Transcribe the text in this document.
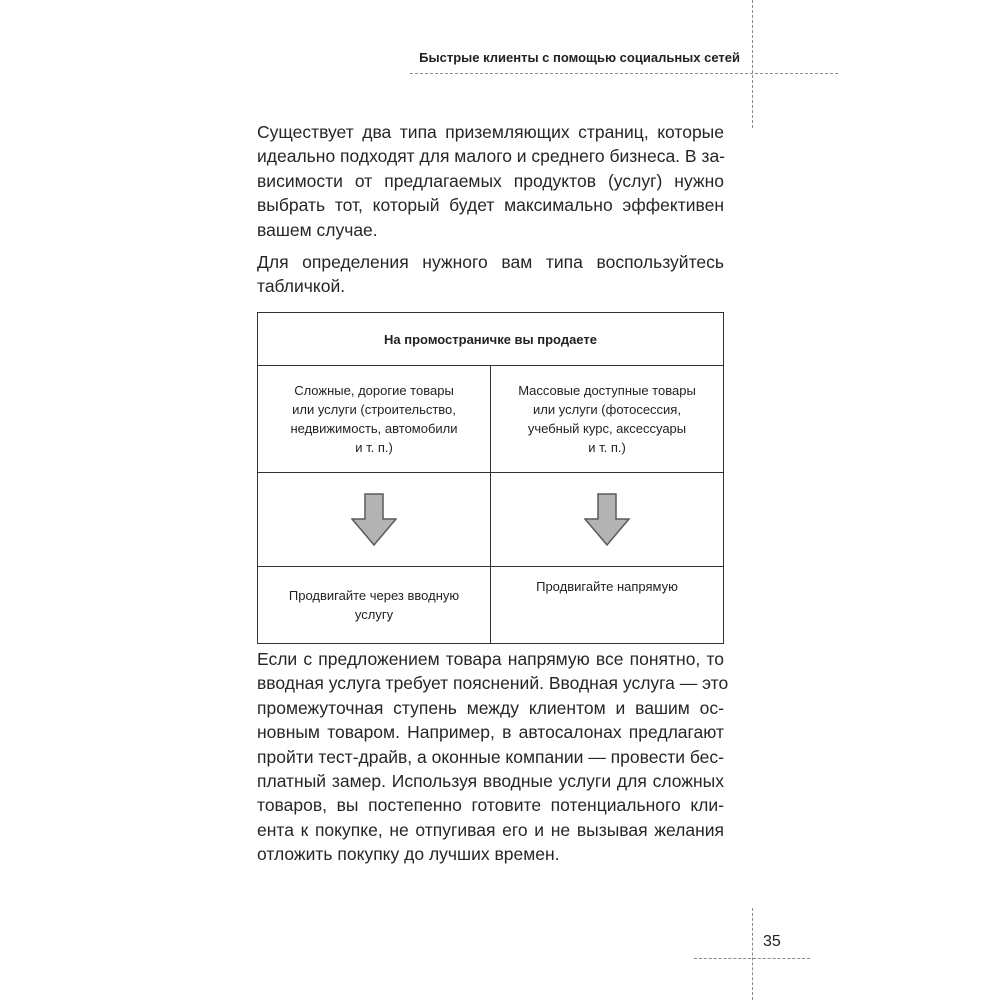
Быстрые клиенты с помощью социальных сетей
Существует два типа приземляющих страниц, которые
идеально подходят для малого и среднего бизнеса. В за-
висимости от предлагаемых продуктов (услуг) нужно
выбрать тот, который будет максимально эффективен
вашем случае.
Для определения нужного вам типа воспользуйтесь
табличкой.
На промостраничке вы продаете	
Сложные, дорогие товары
или услуги (строительство,
недвижимость, автомобили
и т. п.)	Массовые доступные товары
или услуги (фотосессия,
учебный курс, аксессуары
и т. п.)

Продвигайте через вводную
услугу	Продвигайте напрямую
Если с предложением товара напрямую все понятно, то
вводная услуга требует пояснений. Вводная услуга — это
промежуточная ступень между клиентом и вашим ос-
новным товаром. Например, в автосалонах предлагают
пройти тест-драйв, а оконные компании — провести бес-
платный замер. Используя вводные услуги для сложных
товаров, вы постепенно готовите потенциального кли-
ента к покупке, не отпугивая его и не вызывая желания
отложить покупку до лучших времен.
35
